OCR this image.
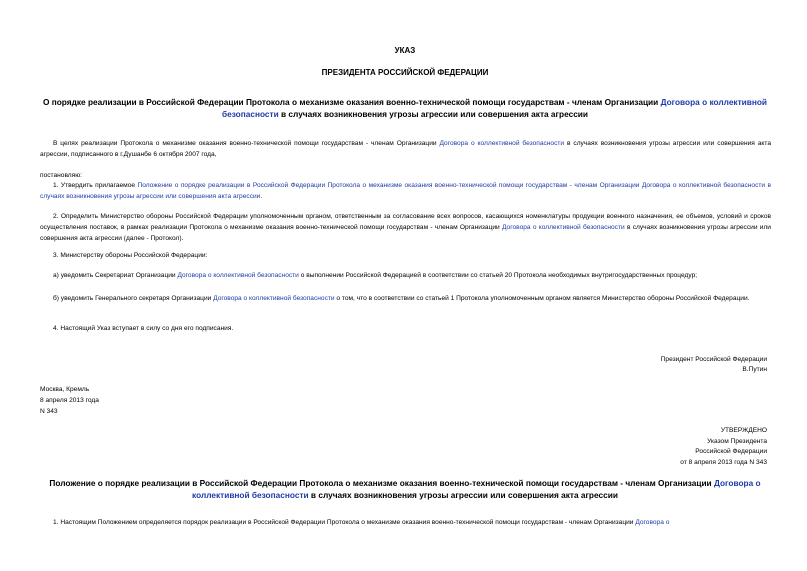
УКАЗ
ПРЕЗИДЕНТА РОССИЙСКОЙ ФЕДЕРАЦИИ
О порядке реализации в Российской Федерации Протокола о механизме оказания военно-технической помощи государствам - членам Организации Договора о коллективной безопасности в случаях возникновения угрозы агрессии или совершения акта агрессии
В целях реализации Протокола о механизме оказания военно-технической помощи государствам - членам Организации Договора о коллективной безопасности в случаях возникновения угрозы агрессии или совершения акта агрессии, подписанного в г.Душанбе 6 октября 2007 года,
постановляю:
1. Утвердить прилагаемое Положение о порядке реализации в Российской Федерации Протокола о механизме оказания военно-технической помощи государствам - членам Организации Договора о коллективной безопасности в случаях возникновения угрозы агрессии или совершения акта агрессии.
2. Определить Министерство обороны Российской Федерации уполномоченным органом, ответственным за согласование всех вопросов, касающихся номенклатуры продукции военного назначения, ее объемов, условий и сроков осуществления поставок, в рамках реализации Протокола о механизме оказания военно-технической помощи государствам - членам Организации Договора о коллективной безопасности в случаях возникновения угрозы агрессии или совершения акта агрессии (далее - Протокол).
3. Министерству обороны Российской Федерации:
а) уведомить Секретариат Организации Договора о коллективной безопасности о выполнении Российской Федерацией в соответствии со статьей 20 Протокола необходимых внутригосударственных процедур;
б) уведомить Генерального секретаря Организации Договора о коллективной безопасности о том, что в соответствии со статьей 1 Протокола уполномоченным органом является Министерство обороны Российской Федерации.
4. Настоящий Указ вступает в силу со дня его подписания.
Президент Российской Федерации
В.Путин
Москва, Кремль
8 апреля 2013 года
N 343
УТВЕРЖДЕНО
Указом Президента
Российской Федерации
от 8 апреля 2013 года N 343
Положение о порядке реализации в Российской Федерации Протокола о механизме оказания военно-технической помощи государствам - членам Организации Договора о коллективной безопасности в случаях возникновения угрозы агрессии или совершения акта агрессии
1. Настоящим Положением определяется порядок реализации в Российской Федерации Протокола о механизме оказания военно-технической помощи государствам - членам Организации Договора о
